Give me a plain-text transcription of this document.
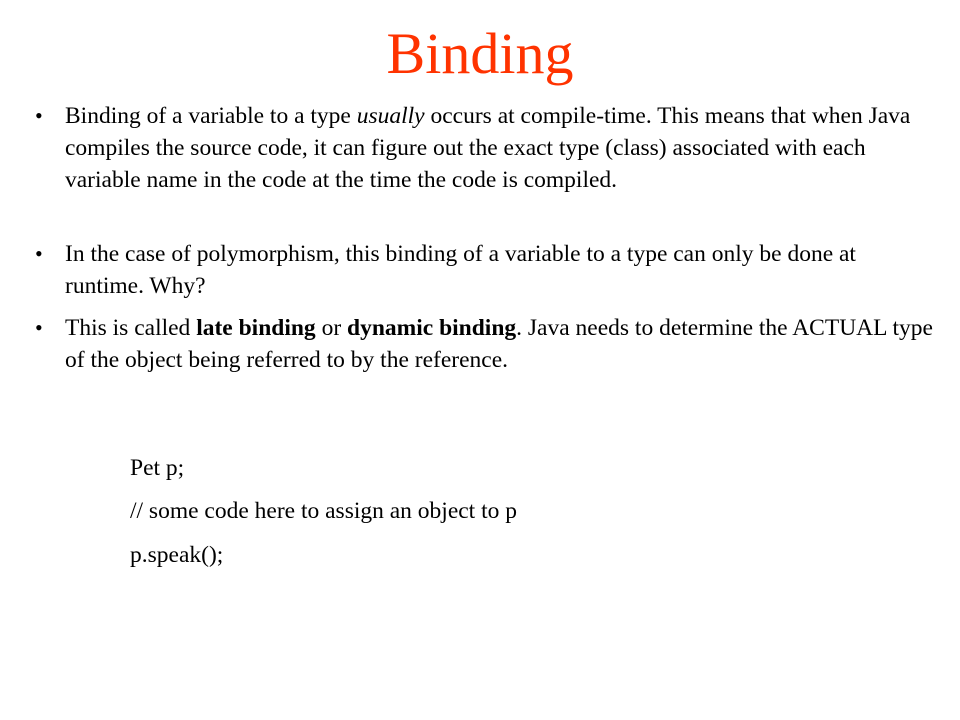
Binding
• Binding of a variable to a type usually occurs at compile-time. This means that when Java compiles the source code, it can figure out the exact type (class) associated with each variable name in the code at the time the code is compiled.
• In the case of polymorphism, this binding of a variable to a type can only be done at runtime. Why?
• This is called late binding or dynamic binding. Java needs to determine the ACTUAL type of the object being referred to by the reference.

Pet p;

// some code here to assign an object to p

p.speak();
